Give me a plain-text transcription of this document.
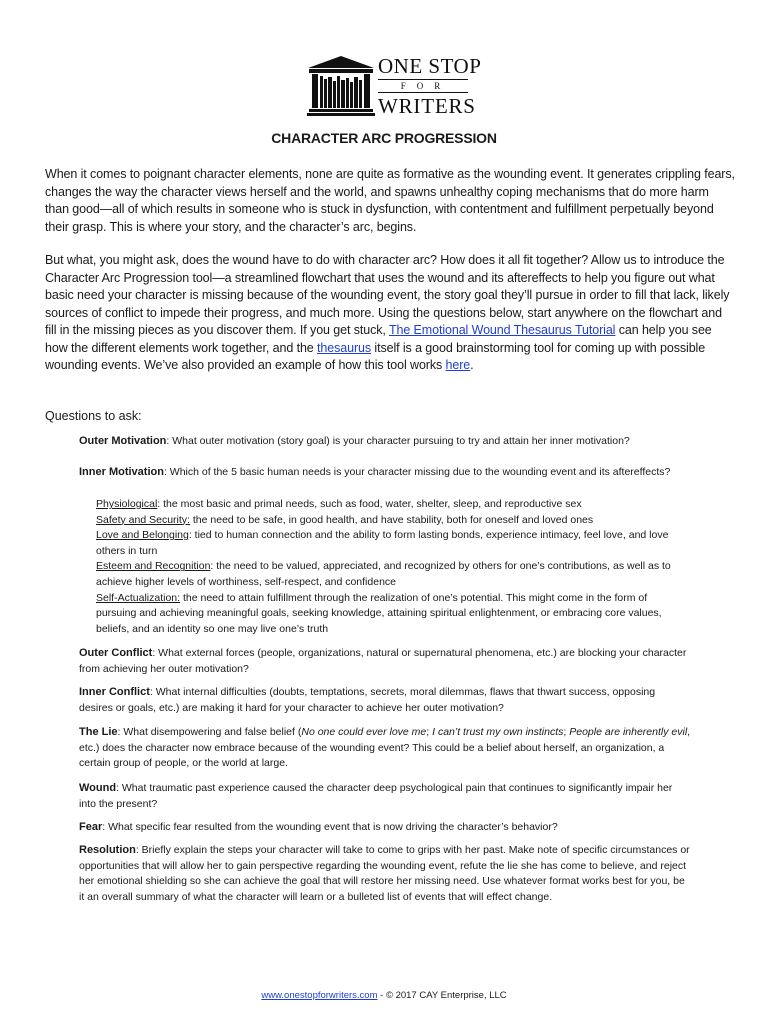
ONE STOP
FOR
WRITERS
CHARACTER ARC PROGRESSION

When it comes to poignant character elements, none are quite as formative as the wounding event. It generates crippling fears, changes the way the character views herself and the world, and spawns unhealthy coping mechanisms that do more harm than good—all of which results in someone who is stuck in dysfunction, with contentment and fulfillment perpetually beyond their grasp. This is where your story, and the character’s arc, begins.

But what, you might ask, does the wound have to do with character arc? How does it all fit together? Allow us to introduce the Character Arc Progression tool—a streamlined flowchart that uses the wound and its aftereffects to help you figure out what basic need your character is missing because of the wounding event, the story goal they’ll pursue in order to fill that lack, likely sources of conflict to impede their progress, and much more. Using the questions below, start anywhere on the flowchart and fill in the missing pieces as you discover them. If you get stuck, The Emotional Wound Thesaurus Tutorial can help you see how the different elements work together, and the thesaurus itself is a good brainstorming tool for coming up with possible wounding events. We’ve also provided an example of how this tool works here.

Questions to ask:

Outer Motivation: What outer motivation (story goal) is your character pursuing to try and attain her inner motivation?

Inner Motivation: Which of the 5 basic human needs is your character missing due to the wounding event and its aftereffects?

Physiological: the most basic and primal needs, such as food, water, shelter, sleep, and reproductive sex
Safety and Security: the need to be safe, in good health, and have stability, both for oneself and loved ones
Love and Belonging: tied to human connection and the ability to form lasting bonds, experience intimacy, feel love, and love others in turn
Esteem and Recognition: the need to be valued, appreciated, and recognized by others for one’s contributions, as well as to achieve higher levels of worthiness, self-respect, and confidence
Self-Actualization: the need to attain fulfillment through the realization of one’s potential. This might come in the form of pursuing and achieving meaningful goals, seeking knowledge, attaining spiritual enlightenment, or embracing core values, beliefs, and an identity so one may live one’s truth

Outer Conflict: What external forces (people, organizations, natural or supernatural phenomena, etc.) are blocking your character from achieving her outer motivation?

Inner Conflict: What internal difficulties (doubts, temptations, secrets, moral dilemmas, flaws that thwart success, opposing desires or goals, etc.) are making it hard for your character to achieve her outer motivation?

The Lie: What disempowering and false belief (No one could ever love me; I can’t trust my own instincts; People are inherently evil, etc.) does the character now embrace because of the wounding event? This could be a belief about herself, an organization, a certain group of people, or the world at large.

Wound: What traumatic past experience caused the character deep psychological pain that continues to significantly impair her into the present?

Fear: What specific fear resulted from the wounding event that is now driving the character’s behavior?

Resolution: Briefly explain the steps your character will take to come to grips with her past. Make note of specific circumstances or opportunities that will allow her to gain perspective regarding the wounding event, refute the lie she has come to believe, and reject her emotional shielding so she can achieve the goal that will restore her missing need. Use whatever format works best for you, be it an overall summary of what the character will learn or a bulleted list of events that will effect change.

www.onestopforwriters.com - © 2017 CAY Enterprise, LLC
